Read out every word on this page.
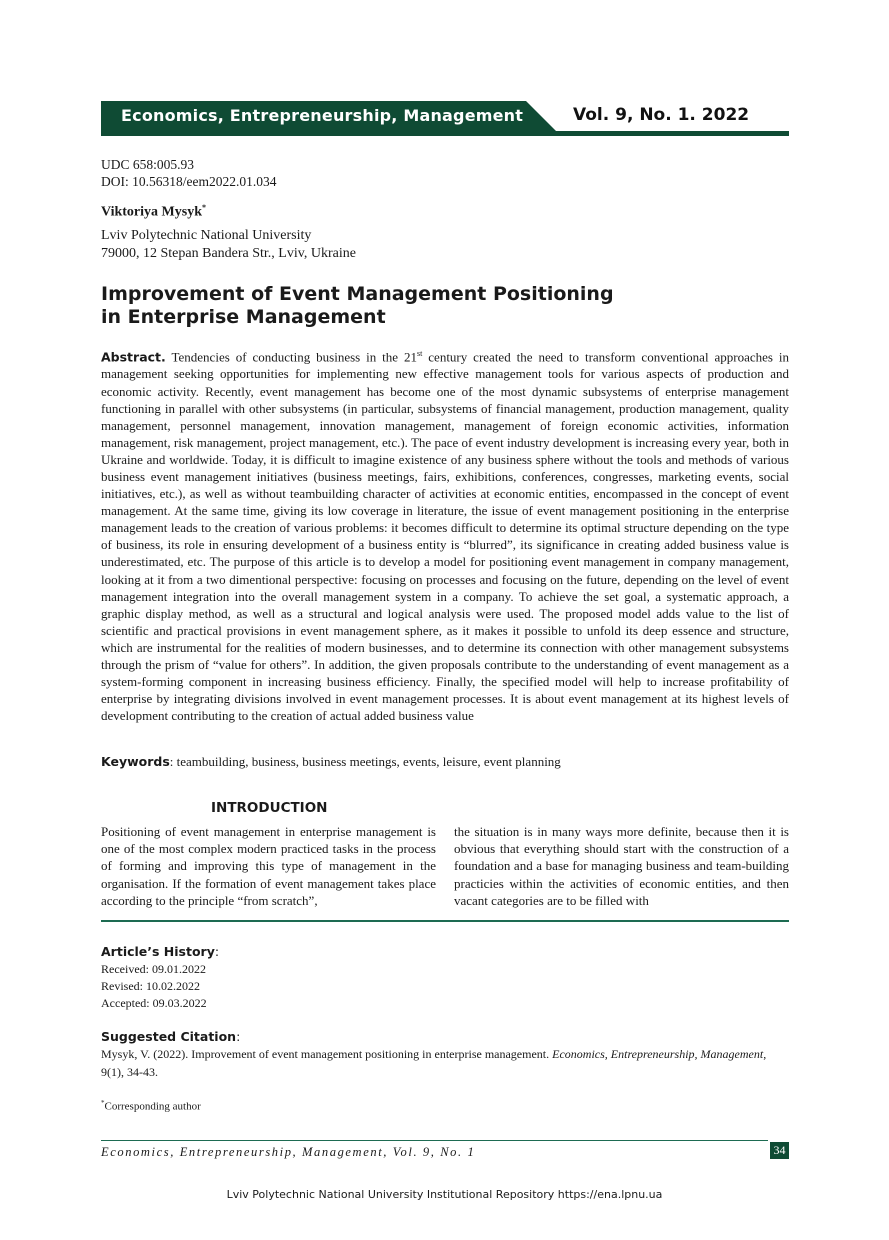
Economics, Entrepreneurship, Management	Vol. 9, No. 1. 2022
UDC 658:005.93
DOI: 10.56318/eem2022.01.034
Viktoriya Mysyk*
Lviv Polytechnic National University
79000, 12 Stepan Bandera Str., Lviv, Ukraine
Improvement of Event Management Positioning
in Enterprise Management
Abstract. Tendencies of conducting business in the 21st century created the need to transform conventional approaches in management seeking opportunities for implementing new effective management tools for various aspects of production and economic activity. Recently, event management has become one of the most dynamic subsystems of enterprise management functioning in parallel with other subsystems (in particular, subsystems of financial management, production management, quality management, personnel management, innovation management, management of foreign economic activities, information management, risk management, project management, etc.). The pace of event industry development is increasing every year, both in Ukraine and worldwide. Today, it is difficult to imagine existence of any business sphere without the tools and methods of various business event management initiatives (business meetings, fairs, exhibitions, conferences, congresses, marketing events, social initiatives, etc.), as well as without teambuilding character of activities at economic entities, encompassed in the concept of event management. At the same time, giving its low coverage in literature, the issue of event management positioning in the enterprise management leads to the creation of various problems: it becomes difficult to determine its optimal structure depending on the type of business, its role in ensuring development of a business entity is “blurred”, its significance in creating added business value is underestimated, etc. The purpose of this article is to develop a model for positioning event management in company management, looking at it from a two dimentional perspective: focusing on processes and focusing on the future, depending on the level of event management integration into the overall management system in a company. To achieve the set goal, a systematic approach, a graphic display method, as well as a structural and logical analysis were used. The proposed model adds value to the list of scientific and practical provisions in event management sphere, as it makes it possible to unfold its deep essence and structure, which are instrumental for the realities of modern businesses, and to determine its connection with other management subsystems through the prism of “value for others”. In addition, the given proposals contribute to the understanding of event management as a system-forming component in increasing business efficiency. Finally, the specified model will help to increase profitability of enterprise by integrating divisions involved in event management processes. It is about event management at its highest levels of development contributing to the creation of actual added business value
Keywords: teambuilding, business, business meetings, events, leisure, event planning
INTRODUCTION
Positioning of event management in enterprise management is one of the most complex modern practiced tasks in the process of forming and improving this type of management in the organisation. If the formation of event management takes place according to the principle “from scratch”,
the situation is in many ways more definite, because then it is obvious that everything should start with the construction of a foundation and a base for managing business and team-building practicies within the activities of economic entities, and then vacant categories are to be filled with
Article’s History:
Received: 09.01.2022
Revised: 10.02.2022
Accepted: 09.03.2022
Suggested Citation:
Mysyk, V. (2022). Improvement of event management positioning in enterprise management. Economics, Entrepreneurship, Management, 9(1), 34-43.
*Corresponding author
Economics, Entrepreneurship, Management, Vol. 9, No. 1	34
Lviv Polytechnic National University Institutional Repository https://ena.lpnu.ua
